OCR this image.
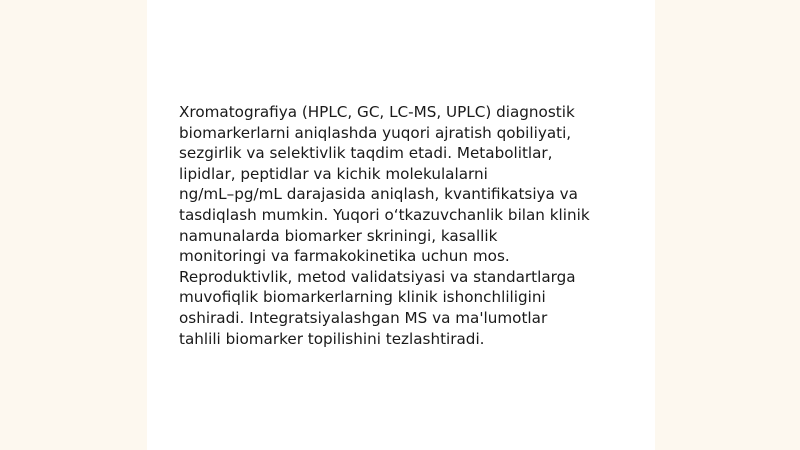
Xromatografiya (HPLC, GC, LC-MS, UPLC) diagnostik
biomarkerlarni aniqlashda yuqori ajratish qobiliyati,
sezgirlik va selektivlik taqdim etadi. Metabolitlar,
lipidlar, peptidlar va kichik molekulalarni
ng/mL–pg/mL darajasida aniqlash, kvantifikatsiya va
tasdiqlash mumkin. Yuqori o‘tkazuvchanlik bilan klinik
namunalarda biomarker skriningi, kasallik
monitoringi va farmakokinetika uchun mos.
Reproduktivlik, metod validatsiyasi va standartlarga
muvofiqlik biomarkerlarning klinik ishonchliligini
oshiradi. Integratsiyalashgan MS va ma'lumotlar
tahlili biomarker topilishini tezlashtiradi.
